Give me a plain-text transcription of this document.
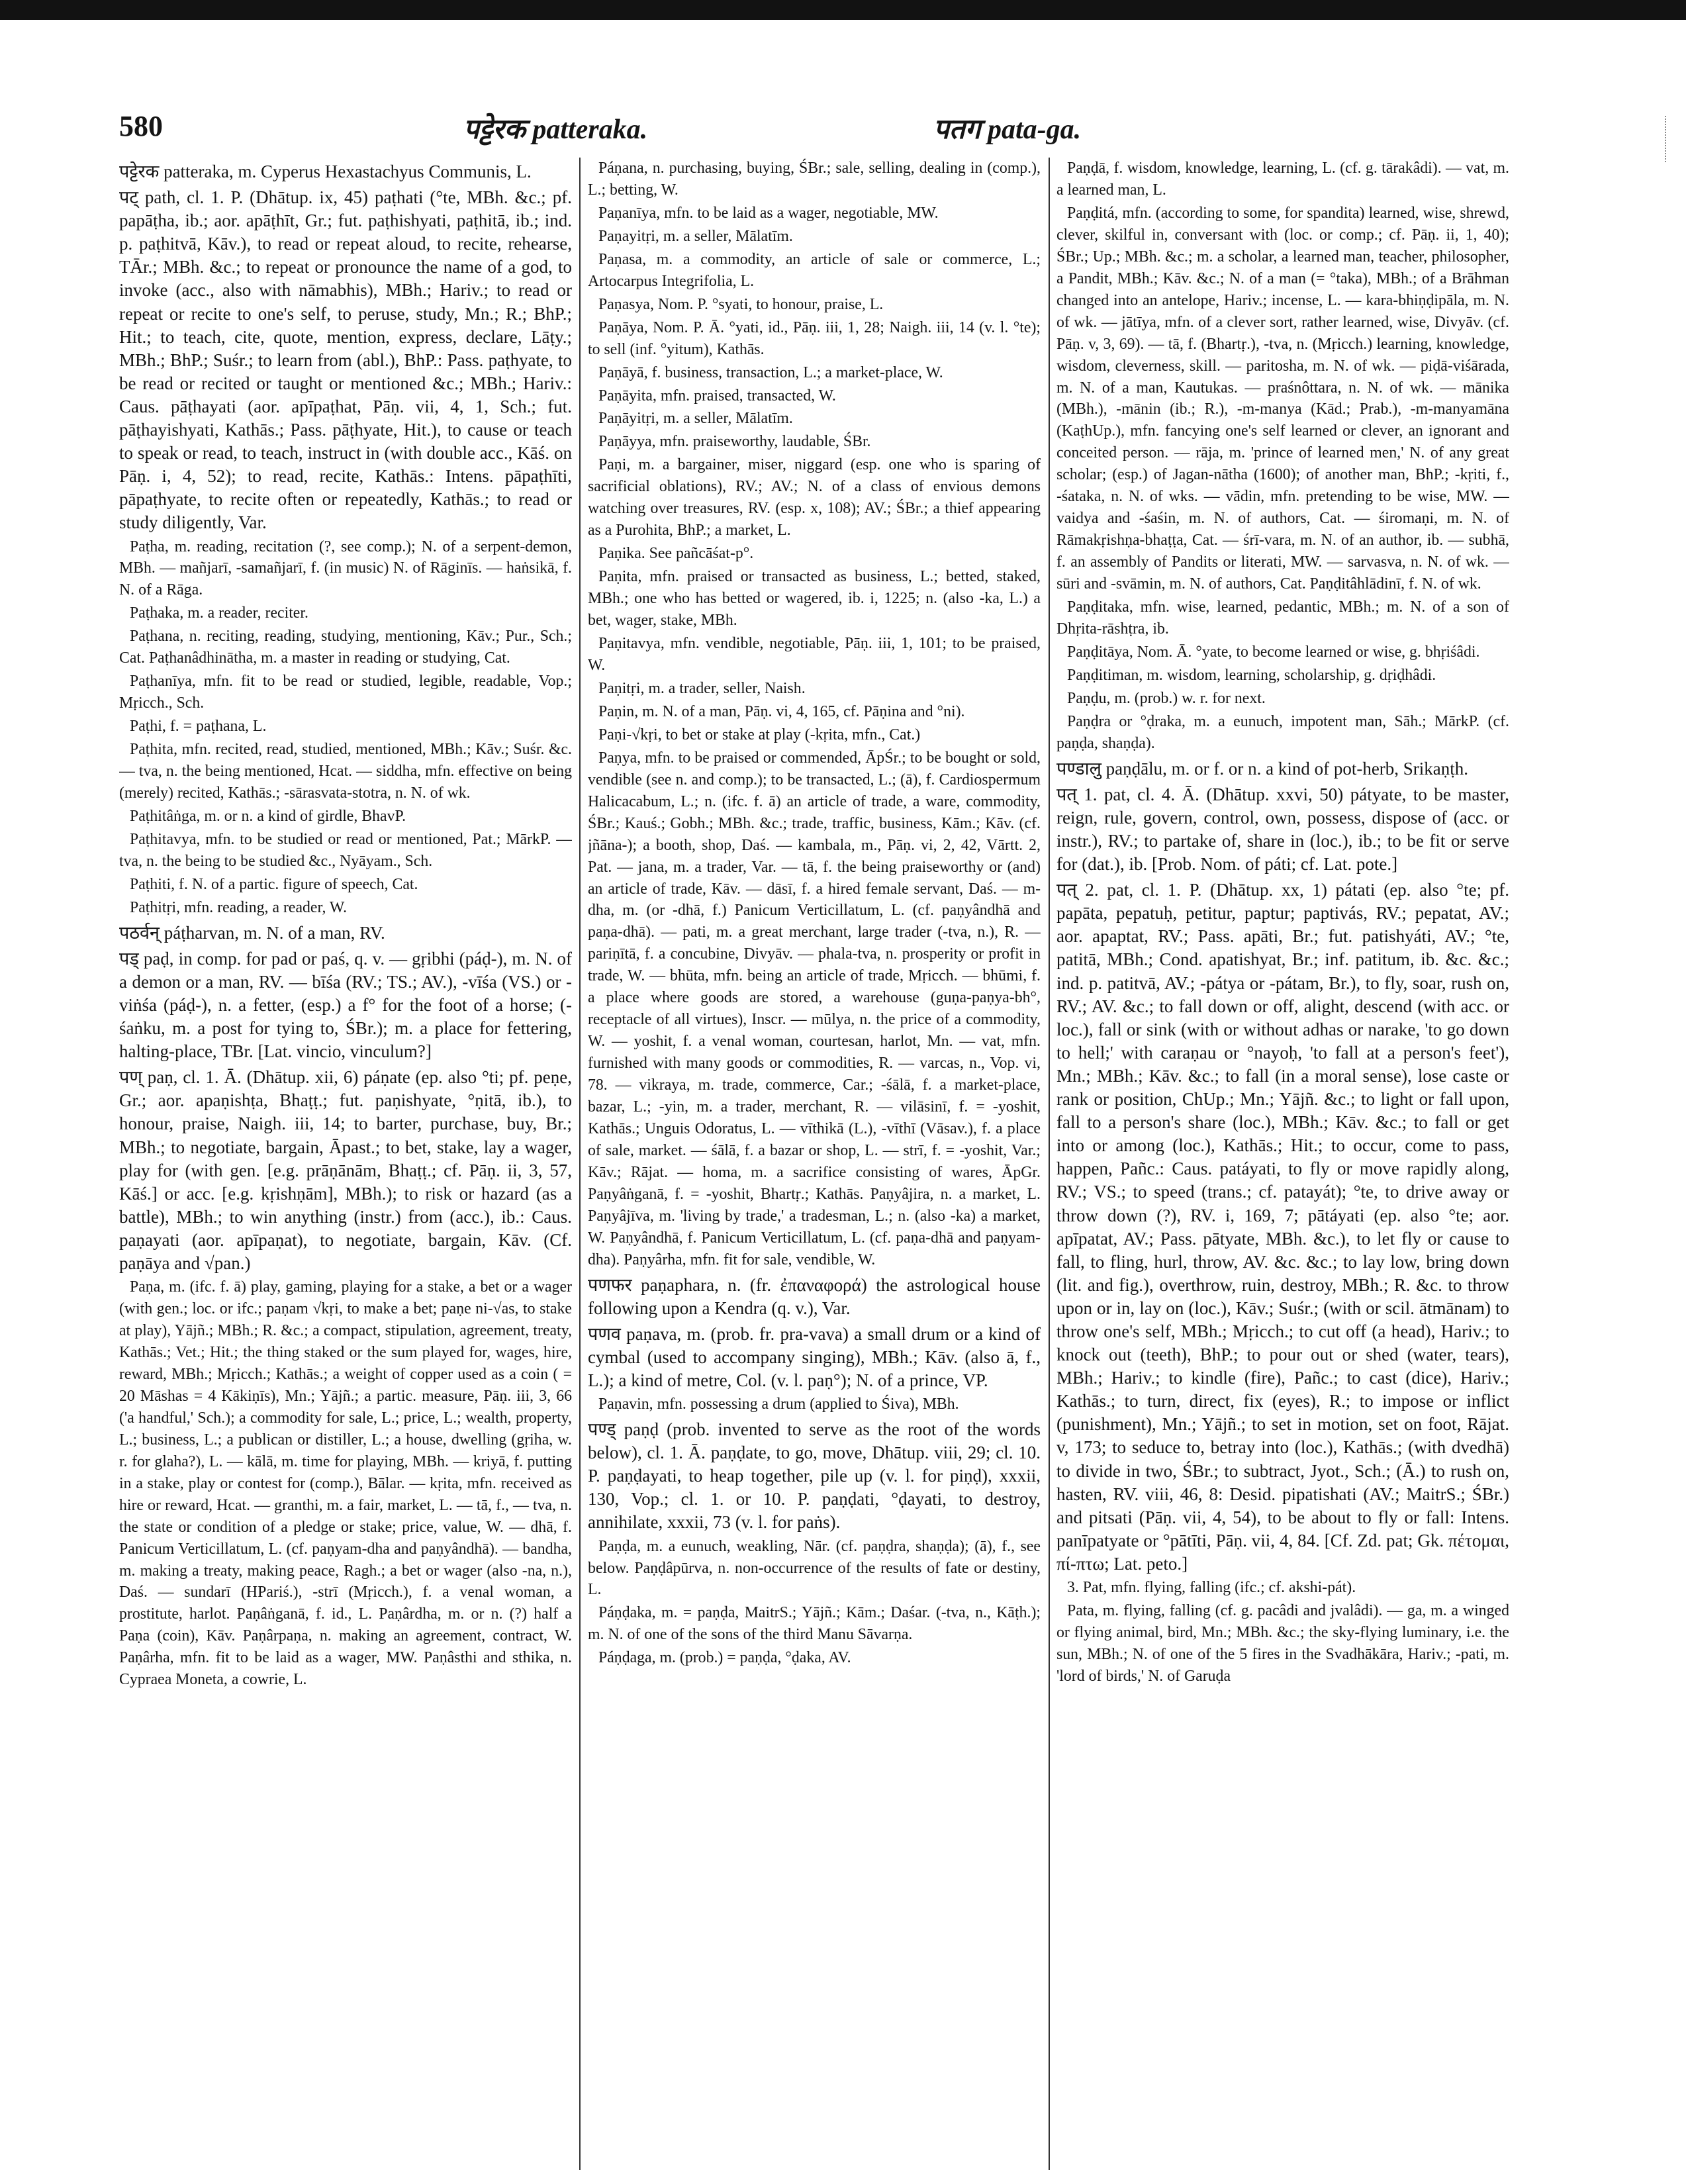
580	पट्टेरक patteraka.	पतग pata-ga.

पट्टेरक patteraka, m. Cyperus Hexastachyus Communis, L.

पट् path, cl. 1. P. (Dhātup. ix, 45) paṭhati (°te, MBh. &c.; pf. papāṭha, ib.; aor. apāṭhīt, Gr.; fut. paṭhishyati, paṭhitā, ib.; ind. p. paṭhitvā, Kāv.), to read or repeat aloud, to recite, rehearse, TĀr.; MBh. &c.; to repeat or pronounce the name of a god, to invoke (acc., also with nāmabhis), MBh.; Hariv.; to read or repeat or recite to one's self, to peruse, study, Mn.; R.; BhP.; Hit.; to teach, cite, quote, mention, express, declare, Lāṭy.; MBh.; BhP.; Suśr.; to learn from (abl.), BhP.: Pass. paṭhyate, to be read or recited or taught or mentioned &c.; MBh.; Hariv.: Caus. pāṭhayati (aor. apīpaṭhat, Pāṇ. vii, 4, 1, Sch.; fut. pāṭhayishyati, Kathās.; Pass. pāṭhyate, Hit.), to cause or teach to speak or read, to teach, instruct in (with double acc., Kāś. on Pāṇ. i, 4, 52); to read, recite, Kathās.: Intens. pāpaṭhīti, pāpaṭhyate, to recite often or repeatedly, Kathās.; to read or study diligently, Var.

Paṭha, m. reading, recitation (?, see comp.); N. of a serpent-demon, MBh. — mañjarī, -samañjarī, f. (in music) N. of Rāginīs. — haṅsikā, f. N. of a Rāga.

Paṭhaka, m. a reader, reciter.

Paṭhana, n. reciting, reading, studying, mentioning, Kāv.; Pur., Sch.; Cat. Paṭhanâdhinātha, m. a master in reading or studying, Cat.

Paṭhanīya, mfn. fit to be read or studied, legible, readable, Vop.; Mṛicch., Sch.

Paṭhi, f. = paṭhana, L.

Paṭhita, mfn. recited, read, studied, mentioned, MBh.; Kāv.; Suśr. &c. — tva, n. the being mentioned, Hcat. — siddha, mfn. effective on being (merely) recited, Kathās.; -sārasvata-stotra, n. N. of wk.

Paṭhitâṅga, m. or n. a kind of girdle, BhavP.

Paṭhitavya, mfn. to be studied or read or mentioned, Pat.; MārkP. — tva, n. the being to be studied &c., Nyāyam., Sch.

Paṭhiti, f. N. of a partic. figure of speech, Cat.

Paṭhitṛi, mfn. reading, a reader, W.

पठर्वन् páṭharvan, m. N. of a man, RV.

पड् paḍ, in comp. for pad or paś, q. v. — gṛibhi (páḍ-), m. N. of a demon or a man, RV. — bīśa (RV.; TS.; AV.), -vīśa (VS.) or -viṅśa (páḍ-), n. a fetter, (esp.) a f° for the foot of a horse; (-śaṅku, m. a post for tying to, ŚBr.); m. a place for fettering, halting-place, TBr. [Lat. vincio, vinculum?]

पण् paṇ, cl. 1. Ā. (Dhātup. xii, 6) páṇate (ep. also °ti; pf. peṇe, Gr.; aor. apaṇishṭa, Bhaṭṭ.; fut. paṇishyate, °ṇitā, ib.), to honour, praise, Naigh. iii, 14; to barter, purchase, buy, Br.; MBh.; to negotiate, bargain, Āpast.; to bet, stake, lay a wager, play for (with gen. [e.g. prāṇānām, Bhaṭṭ.; cf. Pāṇ. ii, 3, 57, Kāś.] or acc. [e.g. kṛishṇām], MBh.); to risk or hazard (as a battle), MBh.; to win anything (instr.) from (acc.), ib.: Caus. paṇayati (aor. apīpaṇat), to negotiate, bargain, Kāv. (Cf. paṇāya and √pan.)

Paṇa, m. (ifc. f. ā) play, gaming, playing for a stake, a bet or a wager (with gen.; loc. or ifc.; paṇam √kṛi, to make a bet; paṇe ni-√as, to stake at play), Yājñ.; MBh.; R. &c.; a compact, stipulation, agreement, treaty, Kathās.; Vet.; Hit.; the thing staked or the sum played for, wages, hire, reward, MBh.; Mṛicch.; Kathās.; a weight of copper used as a coin ( = 20 Māshas = 4 Kākiṇīs), Mn.; Yājñ.; a partic. measure, Pāṇ. iii, 3, 66 ('a handful,' Sch.); a commodity for sale, L.; price, L.; wealth, property, L.; business, L.; a publican or distiller, L.; a house, dwelling (gṛiha, w. r. for glaha?), L. — kālā, m. time for playing, MBh. — kriyā, f. putting in a stake, play or contest for (comp.), Bālar. — kṛita, mfn. received as hire or reward, Hcat. — granthi, m. a fair, market, L. — tā, f., — tva, n. the state or condition of a pledge or stake; price, value, W. — dhā, f. Panicum Verticillatum, L. (cf. paṇyam-dha and paṇyândhā). — bandha, m. making a treaty, making peace, Ragh.; a bet or wager (also -na, n.), Daś. — sundarī (HPariś.), -strī (Mṛicch.), f. a venal woman, a prostitute, harlot. Paṇâṅganā, f. id., L. Paṇârdha, m. or n. (?) half a Paṇa (coin), Kāv. Paṇârpaṇa, n. making an agreement, contract, W. Paṇârha, mfn. fit to be laid as a wager, MW. Paṇâsthi and sthika, n. Cypraea Moneta, a cowrie, L.

Páṇana, n. purchasing, buying, ŚBr.; sale, selling, dealing in (comp.), L.; betting, W.

Paṇanīya, mfn. to be laid as a wager, negotiable, MW.

Paṇayitṛi, m. a seller, Mālatīm.

Paṇasa, m. a commodity, an article of sale or commerce, L.; Artocarpus Integrifolia, L.

Paṇasya, Nom. P. °syati, to honour, praise, L.

Paṇāya, Nom. P. Ā. °yati, id., Pāṇ. iii, 1, 28; Naigh. iii, 14 (v. l. °te); to sell (inf. °yitum), Kathās.

Paṇāyā, f. business, transaction, L.; a market-place, W.

Paṇāyita, mfn. praised, transacted, W.

Paṇāyitṛi, m. a seller, Mālatīm.

Paṇāyya, mfn. praiseworthy, laudable, ŚBr.

Paṇi, m. a bargainer, miser, niggard (esp. one who is sparing of sacrificial oblations), RV.; AV.; N. of a class of envious demons watching over treasures, RV. (esp. x, 108); AV.; ŚBr.; a thief appearing as a Purohita, BhP.; a market, L.

Paṇika. See pañcāśat-p°.

Paṇita, mfn. praised or transacted as business, L.; betted, staked, MBh.; one who has betted or wagered, ib. i, 1225; n. (also -ka, L.) a bet, wager, stake, MBh.

Paṇitavya, mfn. vendible, negotiable, Pāṇ. iii, 1, 101; to be praised, W.

Paṇitṛi, m. a trader, seller, Naish.

Paṇin, m. N. of a man, Pāṇ. vi, 4, 165, cf. Pāṇina and °ni).

Paṇi-√kṛi, to bet or stake at play (-kṛita, mfn., Cat.)

Paṇya, mfn. to be praised or commended, ĀpŚr.; to be bought or sold, vendible (see n. and comp.); to be transacted, L.; (ā), f. Cardiospermum Halicacabum, L.; n. (ifc. f. ā) an article of trade, a ware, commodity, ŚBr.; Kauś.; Gobh.; MBh. &c.; trade, traffic, business, Kām.; Kāv. (cf. jñāna-); a booth, shop, Daś. — kambala, m., Pāṇ. vi, 2, 42, Vārtt. 2, Pat. — jana, m. a trader, Var. — tā, f. the being praiseworthy or (and) an article of trade, Kāv. — dāsī, f. a hired female servant, Daś. — m-dha, m. (or -dhā, f.) Panicum Verticillatum, L. (cf. paṇyândhā and paṇa-dhā). — pati, m. a great merchant, large trader (-tva, n.), R. — pariṇītā, f. a concubine, Divyāv. — phala-tva, n. prosperity or profit in trade, W. — bhūta, mfn. being an article of trade, Mṛicch. — bhūmi, f. a place where goods are stored, a warehouse (guṇa-paṇya-bh°, receptacle of all virtues), Inscr. — mūlya, n. the price of a commodity, W. — yoshit, f. a venal woman, courtesan, harlot, Mn. — vat, mfn. furnished with many goods or commodities, R. — varcas, n., Vop. vi, 78. — vikraya, m. trade, commerce, Car.; -śālā, f. a market-place, bazar, L.; -yin, m. a trader, merchant, R. — vilāsinī, f. = -yoshit, Kathās.; Unguis Odoratus, L. — vīthikā (L.), -vīthī (Vāsav.), f. a place of sale, market. — śālā, f. a bazar or shop, L. — strī, f. = -yoshit, Var.; Kāv.; Rājat. — homa, m. a sacrifice consisting of wares, ĀpGr. Paṇyâṅganā, f. = -yoshit, Bhartṛ.; Kathās. Paṇyâjira, n. a market, L. Paṇyâjīva, m. 'living by trade,' a tradesman, L.; n. (also -ka) a market, W. Paṇyândhā, f. Panicum Verticillatum, L. (cf. paṇa-dhā and paṇyam-dha). Paṇyârha, mfn. fit for sale, vendible, W.

पणफर paṇaphara, n. (fr. ἐπαναφορά) the astrological house following upon a Kendra (q. v.), Var.

पणव paṇava, m. (prob. fr. pra-vava) a small drum or a kind of cymbal (used to accompany singing), MBh.; Kāv. (also ā, f., L.); a kind of metre, Col. (v. l. paṇ°); N. of a prince, VP.

Paṇavin, mfn. possessing a drum (applied to Śiva), MBh.

पण्ड् paṇḍ (prob. invented to serve as the root of the words below), cl. 1. Ā. paṇḍate, to go, move, Dhātup. viii, 29; cl. 10. P. paṇḍayati, to heap together, pile up (v. l. for piṇḍ), xxxii, 130, Vop.; cl. 1. or 10. P. paṇḍati, °ḍayati, to destroy, annihilate, xxxii, 73 (v. l. for paṅs).

Paṇḍa, m. a eunuch, weakling, Nār. (cf. paṇḍra, shaṇḍa); (ā), f., see below. Paṇḍâpūrva, n. non-occurrence of the results of fate or destiny, L.

Páṇḍaka, m. = paṇḍa, MaitrS.; Yājñ.; Kām.; Daśar. (-tva, n., Kāṭh.); m. N. of one of the sons of the third Manu Sāvarṇa.

Páṇḍaga, m. (prob.) = paṇḍa, °ḍaka, AV.

Paṇḍā, f. wisdom, knowledge, learning, L. (cf. g. tārakâdi). — vat, m. a learned man, L.

Paṇḍitá, mfn. (according to some, for spandita) learned, wise, shrewd, clever, skilful in, conversant with (loc. or comp.; cf. Pāṇ. ii, 1, 40); ŚBr.; Up.; MBh. &c.; m. a scholar, a learned man, teacher, philosopher, a Pandit, MBh.; Kāv. &c.; N. of a man (= °taka), MBh.; of a Brāhman changed into an antelope, Hariv.; incense, L. — kara-bhiṇḍipāla, m. N. of wk. — jātīya, mfn. of a clever sort, rather learned, wise, Divyāv. (cf. Pāṇ. v, 3, 69). — tā, f. (Bhartṛ.), -tva, n. (Mṛicch.) learning, knowledge, wisdom, cleverness, skill. — paritosha, m. N. of wk. — piḍā-viśārada, m. N. of a man, Kautukas. — praśnôttara, n. N. of wk. — mānika (MBh.), -mānin (ib.; R.), -m-manya (Kād.; Prab.), -m-manyamāna (KaṭhUp.), mfn. fancying one's self learned or clever, an ignorant and conceited person. — rāja, m. 'prince of learned men,' N. of any great scholar; (esp.) of Jagan-nātha (1600); of another man, BhP.; -kṛiti, f., -śataka, n. N. of wks. — vādin, mfn. pretending to be wise, MW. — vaidya and -śaśin, m. N. of authors, Cat. — śiromaṇi, m. N. of Rāmakṛishṇa-bhaṭṭa, Cat. — śrī-vara, m. N. of an author, ib. — subhā, f. an assembly of Pandits or literati, MW. — sarvasva, n. N. of wk. — sūri and -svāmin, m. N. of authors, Cat. Paṇḍitâhlādinī, f. N. of wk.

Paṇḍitaka, mfn. wise, learned, pedantic, MBh.; m. N. of a son of Dhṛita-rāshṭra, ib.

Paṇḍitāya, Nom. Ā. °yate, to become learned or wise, g. bhṛiśâdi.

Paṇḍitiman, m. wisdom, learning, scholarship, g. dṛiḍhâdi.

Paṇḍu, m. (prob.) w. r. for next.

Paṇḍra or °ḍraka, m. a eunuch, impotent man, Sāh.; MārkP. (cf. paṇḍa, shaṇḍa).

पण्डालु paṇḍālu, m. or f. or n. a kind of pot-herb, Srikaṇṭh.

पत् 1. pat, cl. 4. Ā. (Dhātup. xxvi, 50) pátyate, to be master, reign, rule, govern, control, own, possess, dispose of (acc. or instr.), RV.; to partake of, share in (loc.), ib.; to be fit or serve for (dat.), ib. [Prob. Nom. of páti; cf. Lat. pote.]

पत् 2. pat, cl. 1. P. (Dhātup. xx, 1) pátati (ep. also °te; pf. papāta, pepatuḥ, petitur, paptur; paptivás, RV.; pepatat, AV.; aor. apaptat, RV.; Pass. apāti, Br.; fut. patishyáti, AV.; °te, patitā, MBh.; Cond. apatishyat, Br.; inf. patitum, ib. &c. &c.; ind. p. patitvā, AV.; -pátya or -pátam, Br.), to fly, soar, rush on, RV.; AV. &c.; to fall down or off, alight, descend (with acc. or loc.), fall or sink (with or without adhas or narake, 'to go down to hell;' with caraṇau or °nayoḥ, 'to fall at a person's feet'), Mn.; MBh.; Kāv. &c.; to fall (in a moral sense), lose caste or rank or position, ChUp.; Mn.; Yājñ. &c.; to light or fall upon, fall to a person's share (loc.), MBh.; Kāv. &c.; to fall or get into or among (loc.), Kathās.; Hit.; to occur, come to pass, happen, Pañc.: Caus. patáyati, to fly or move rapidly along, RV.; VS.; to speed (trans.; cf. patayát); °te, to drive away or throw down (?), RV. i, 169, 7; pātáyati (ep. also °te; aor. apīpatat, AV.; Pass. pātyate, MBh. &c.), to let fly or cause to fall, to fling, hurl, throw, AV. &c. &c.; to lay low, bring down (lit. and fig.), overthrow, ruin, destroy, MBh.; R. &c. to throw upon or in, lay on (loc.), Kāv.; Suśr.; (with or scil. ātmānam) to throw one's self, MBh.; Mṛicch.; to cut off (a head), Hariv.; to knock out (teeth), BhP.; to pour out or shed (water, tears), MBh.; Hariv.; to kindle (fire), Pañc.; to cast (dice), Hariv.; Kathās.; to turn, direct, fix (eyes), R.; to impose or inflict (punishment), Mn.; Yājñ.; to set in motion, set on foot, Rājat. v, 173; to seduce to, betray into (loc.), Kathās.; (with dvedhā) to divide in two, ŚBr.; to subtract, Jyot., Sch.; (Ā.) to rush on, hasten, RV. viii, 46, 8: Desid. pipatishati (AV.; MaitrS.; ŚBr.) and pitsati (Pāṇ. vii, 4, 54), to be about to fly or fall: Intens. panīpatyate or °pātīti, Pāṇ. vii, 4, 84. [Cf. Zd. pat; Gk. πέτομαι, πί-πτω; Lat. peto.]

3. Pat, mfn. flying, falling (ifc.; cf. akshi-pát).

Pata, m. flying, falling (cf. g. pacâdi and jvalâdi). — ga, m. a winged or flying animal, bird, Mn.; MBh. &c.; the sky-flying luminary, i.e. the sun, MBh.; N. of one of the 5 fires in the Svadhākāra, Hariv.; -pati, m. 'lord of birds,' N. of Garuḍa
